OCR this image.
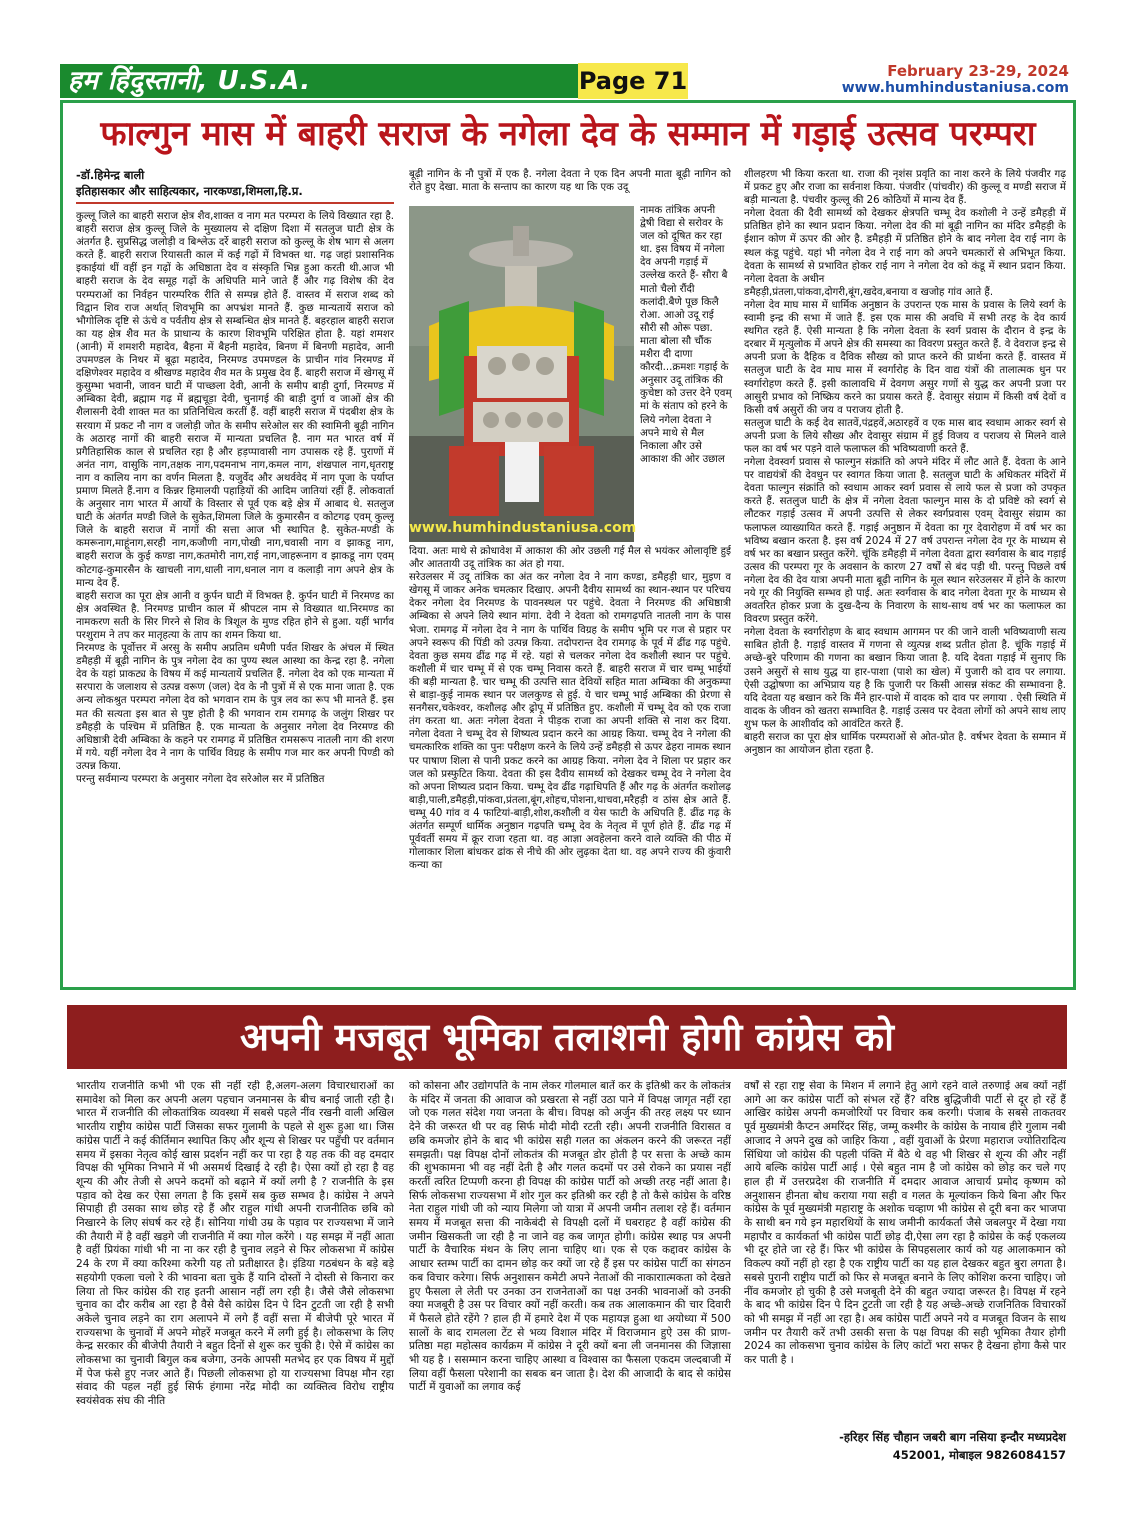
हम हिंदुस्तानी, U.S.A.	Page 71	February 23-29, 2024
www.humhindustaniusa.com
फाल्गुन मास में बाहरी सराज के नगेला देव के सम्मान में गड़ाई उत्सव परम्परा
-डॉ.हिमेन्द्र बाली
इतिहासकार और साहित्यकार, नारकण्डा,शिमला,हि.प्र.
कुल्लू जिले का बाहरी सराज क्षेत्र शैव,शाक्त व नाग मत परम्परा के लिये विख्यात रहा है. बाहरी सराज क्षेत्र कुल्लू जिले के मुख्यालय से दक्षिण दिशा में सतलुज घाटी क्षेत्र के अंतर्गत है. सुप्रसिद्ध जलोड़ी व बिश्लेऊ दर्रे बाहरी सराज को कुल्लू के शेष भाग से अलग करते हैं. बाहरी सराज रियासती काल में कई गढ़ों में विभक्त था. गढ़ जहां प्रशासनिक इकाईयां थीं वहीं इन गढ़ों के अधिष्ठाता देव व संस्कृति भिन्न हुआ करती थी.आज भी बाहरी सराज के देव समूह गढ़ों के अधिपति माने जाते हैं और गढ़ विशेष की देव परम्पराओं का निर्वहन पारम्परिक रीति से सम्पन्न होते हैं. वास्तव में सराज शब्द को विद्वान शिव राज अर्थात् शिवभूमि का अपभ्रंश मानते हैं. कुछ मान्यतायें सराज को भौगोलिक दृष्टि से ऊंचे व पर्वतीय क्षेत्र से सम्बन्धित क्षेत्र मानते हैं. बहरहाल बाहरी सराज का यह क्षेत्र शैव मत के प्राधान्य के कारण शिवभूमि परिक्षित होता है. यहां शमशर (आनी) में शमशरी महादेव, बैहना में बैहनी महादेव, बिनण में बिनणी महादेव, आनी उपमण्डल के निथर में बूढ़ा महादेव, निरमण्ड उपमण्डल के प्राचीन गांव निरमण्ड में दक्षिणेश्वर महादेव व श्रीखण्ड महादेव शैव मत के प्रमुख देव हैं. बाहरी सराज में खेगसू में कुसुम्भा भवानी, जावन घाटी में पाच्छला देवी, आनी के समीप बाड़ी दुर्गा, निरमण्ड में अम्बिका देवी, ब्रह्माम गढ़ में ब्रह्मचूड़ा देवी, चुनागई की बाड़ी दुर्गा व जाओं क्षेत्र की शैलासनी देवी शाक्त मत का प्रतिनिधित्व करतीं हैं. वहीं बाहरी सराज में पंदबीश क्षेत्र के सरयाग में प्रकट नौ नाग व जलोड़ी जोत के समीप सरेओल सर की स्वामिनी बूढ़ी नागिन के अठारह नागों की बाहरी सराज में मान्यता प्रचलित है. नाग मत भारत वर्ष में प्रगैतिहासिक काल से प्रचलित रहा है और हड़प्पावासी नाग उपासक रहे हैं. पुराणों में अनंत नाग, वासुकि नाग,तक्षक नाग,पदमनाभ नाग,कमल नाग, शंखपाल नाग,धृतराष्ट्र नाग व कालिय नाग का वर्णन मिलता है. यजुर्वेद और अथर्ववेद में नाग पूजा के पर्याप्त प्रमाण मिलते हैं.नाग व किन्नर हिमालयी पहाड़ियों की आदिम जातियां रहीं हैं. लोकवार्ता के अनुसार नाग भारत में आर्यों के विस्तार से पूर्व एक बड़े क्षेत्र में आबाद थे. सतलुज घाटी के अंतर्गत मण्डी जिले के सुकेत,शिमला जिले के कुमारसैन व कोटगढ़ एवम् कुल्लू जिले के बाहरी सराज में नागों की सत्ता आज भी स्थापित है. सुकेत-मण्डी के कमरूनाग,माहूंनाग,सरही नाग,कजौणी नाग,पोखी नाग,चवासी नाग व झाकडू नाग, बाहरी सराज के कुई कण्डा नाग,कतमोरी नाग,राई नाग,जाहरूनाग व झाकडू नाग एवम् कोटगढ़-कुमारसैन के खाचली नाग,धाली नाग,धनाल नाग व कलाड़ी नाग अपने क्षेत्र के मान्य देव हैं.
बाहरी सराज का पूरा क्षेत्र आनी व कुर्पन घाटी में विभक्त है. कुर्पन घाटी में निरमण्ड का क्षेत्र अवस्थित है. निरमण्ड प्राचीन काल में श्रीपटल नाम से विख्यात था.निरमण्ड का नामकरण सती के सिर गिरने से शिव के त्रिशूल के मुण्ड रहित होने से हुआ. यहीं भार्गव परशुराम ने तप कर मातृहत्या के ताप का शमन किया था.
निरमण्ड के पूर्वोत्तर में अरसु के समीप अप्रतिम धमैणी पर्वत शिखर के अंचल में स्थित डमैहड़ी में बूढ़ी नागिन के पुत्र नगेला देव का पुण्य स्थल आस्था का केन्द्र रहा है. नगेला देव के यहां प्राकट्य के विषय में कई मान्यतायें प्रचलित हैं. नगेला देव को एक मान्यता में सरपारा के जलाशय से उत्पन्न वरूण (जल) देव के नौ पुत्रों में से एक माना जाता है. एक अन्य लोकश्रुत परम्परा नगेला देव को भगवान राम के पुत्र लव का रूप भी मानते हैं. इस मत की सत्यता इस बात से पुष्ट होती है की भगवान राम रामगढ़ के जलुंग शिखर पर डमैहड़ी के पश्चिम में प्रतिष्ठित है. एक मान्यता के अनुसार नगेला देव निरमण्ड की अधिष्ठात्री देवी अम्बिका के कहने पर रामगढ़ में प्रतिष्ठित रामसरूप नातली नाग की शरण में गये. यहीं नगेला देव ने नाग के पार्थिव विग्रह के समीप गज मार कर अपनी पिण्डी को उत्पन्न किया.
परन्तु सर्वमान्य परम्परा के अनुसार नगेला देव सरेओल सर में प्रतिष्ठित
बूढ़ी नागिन के नौ पुत्रों में एक है. नगेला देवता ने एक दिन अपनी माता बूढ़ी नागिन को रोते हुए देखा. माता के सन्ताप का कारण यह था कि एक उदू
www.humhindustaniusa.com
नामक तांत्रिक अपनी द्वेषी विद्या से सरोवर के जल को दूषित कर रहा था. इस विषय में नगेला देव अपनी गड़ाई में उल्लेख करते हैं- सौरा बै मातो चैलो रौंदी कलांदी.बैणे पूछ किलै रोआ. आओ उदू राई सौरी सौ ओरू पछा. माता बोला सौ चौंक मशैरा दी दाणा कौरदी...क्रमशः गड़ाई के अनुसार उदू तांत्रिक की कुचेष्टा को उत्तर देने एवम् मां के संताप को हरने के लिये नगेला देवता ने अपने माथे से मैल निकाला और उसे आकाश की ओर उछाल
दिया. अतः माथे से क्रोधावेश में आकाश की ओर उछली गई मैल से भयंकर ओलावृष्टि हुई और आततायी उदू तांत्रिक का अंत हो गया.
सरेउलसर में उदू तांत्रिक का अंत कर नगेला देव ने नाग कण्डा, डमैहड़ी धार, मुइण व खेगसू में जाकर अनेक चमत्कार दिखाए. अपनी दैवीय सामर्थ्य का स्थान-स्थान पर परिचय देकर नगेला देव निरमण्ड के पावनस्थल पर पहुंचे. देवता ने निरमण्ड की अधिष्ठात्री अम्बिका से अपने लिये स्थान मांगा. देवी ने देवता को रामगढ़पति नातली नाग के पास भेजा. रामगढ़ में नगेला देव ने नाग के पार्थिव विग्रह के समीप भूमि पर गज से प्रहार पर अपने स्वरूप की पिंडी को उत्पन्न किया. तदोपरान्त देव रामगढ़ के पूर्व में ढींढ गढ़ पहुंचे. देवता कुछ समय ढींढ गढ़ में रहे. यहां से चलकर नगेला देव कशौली स्थान पर पहुंचे. कशौली में चार चम्भू में से एक चम्भू निवास करते हैं. बाहरी सराज में चार चम्भू भाईयों की बड़ी मान्यता है. चार चम्भू की उत्पत्ति सात देवियों सहित माता अम्बिका की अनुकम्पा से बाड़ा-कुई नामक स्थान पर जलकुण्ड से हुई. ये चार चम्भू भाई अम्बिका की प्रेरणा से सनगैसर,चकेश्वर, कशौलढ़ और ढ्रोपू में प्रतिष्ठित हुए. कशौली में चम्भू देव को एक राजा तंग करता था. अतः नगेला देवता ने पीड़क राजा का अपनी शक्ति से नाश कर दिया. नगेला देवता ने चम्भू देव से शिष्यत्व प्रदान करने का आग्रह किया. चम्भू देव ने नगेला की चमत्कारिक शक्ति का पुनः परीक्षण करने के लिये उन्हें डमैहड़ी से ऊपर ढेहरा नामक स्थान पर पाषाण शिला से पानी प्रकट करने का आग्रह किया. नगेला देव ने शिला पर प्रहार कर जल को प्रस्फुटित किया. देवता की इस दैवीय सामर्थ्य को देखकर चम्भू देव ने नगेला देव को अपना शिष्यत्व प्रदान किया. चम्भू देव ढींढ गढ़ाधिपति हैं और गढ़ के अंतर्गत कशोलढ़ बाड़ी,पाली,डमैहड़ी,पांकवा,प्रंतला,बूंग,शोहच,पोशना,थाचवा,मरैहड़ी व ठांस क्षेत्र आते हैं. चम्भू 40 गांव व 4 फाटियां-बाड़ी,शोश,कशौली व येस फाटी के अधिपति हैं. ढींढ गढ़ के अंतर्गत सम्पूर्ण धार्मिक अनुष्ठान गढ़पति चम्भू देव के नेतृत्व में पूर्ण होते हैं. ढींढ गढ़ में पूर्ववर्ती समय में क्रूर राजा रहता था. वह आज्ञा अवहेलना करने वाले व्यक्ति की पीठ में गोलाकार शिला बांधकर ढांक से नीचे की ओर लुढ़का देता था. वह अपने राज्य की कुंवारी कन्या का
शीलहरण भी किया करता था. राजा की नृशंस प्रवृति का नाश करने के लिये पंजवीर गढ़ में प्रकट हुए और राजा का सर्वनाश किया. पंजवीर (पांचवीर) की कुल्लू व मण्डी सराज में बड़ी मान्यता है. पंचवीर कुल्लू की 26 कोठियों में मान्य देव हैं.
नगेला देवता की दैवी सामर्थ्य को देखकर क्षेत्रपति चम्भू देव कशोली ने उन्हें डमैहड़ी में प्रतिष्ठित होने का स्थान प्रदान किया. नगेला देव की मां बूढ़ी नागिन का मंदिर डमैहड़ी के ईशान कोण में ऊपर की ओर है. डमैहड़ी में प्रतिष्ठित होने के बाद नगेला देव राई नाग के स्थल कंडू पहुंचे. यहां भी नगेला देव ने राई नाग को अपने चमत्कारों से अभिभूत किया. देवता के सामर्थ्य से प्रभावित होकर राई नाग ने नगेला देव को कंडू में स्थान प्रदान किया. नगेला देवता के अधीन
डमैहड़ी,प्रंतला,पांकवा,दोगरी,बूंग,खदेव,बनाया व खजोह गांव आते हैं.
नगेला देव माघ मास में धार्मिक अनुष्ठान के उपरान्त एक मास के प्रवास के लिये स्वर्ग के स्वामी इन्द्र की सभा में जाते हैं. इस एक मास की अवधि में सभी तरह के देव कार्य स्थगित रहते हैं. ऐसी मान्यता है कि नगेला देवता के स्वर्ग प्रवास के दौरान वे इन्द्र के दरबार में मृत्युलोक में अपने क्षेत्र की समस्या का विवरण प्रस्तुत करते हैं. वे देवराज इन्द्र से अपनी प्रजा के दैहिक व दैविक सौख्य को प्राप्त करने की प्रार्थना करते हैं. वास्तव में सतलुज घाटी के देव माघ मास में स्वर्गारोह के दिन वाद्य यंत्रों की तालात्मक धुन पर स्वर्गारोहण करते हैं. इसी कालावधि में देवगण असुर गणों से युद्ध कर अपनी प्रजा पर आसुरी प्रभाव को निष्क्रिय करने का प्रयास करते हैं. देवासुर संग्राम में किसी वर्ष देवों व किसी वर्ष असुरों की जय व पराजय होती है.
सतलुज घाटी के कई देव सातवें,पंद्रहवें,अठारहवें व एक मास बाद स्वधाम आकर स्वर्ग से अपनी प्रजा के लिये सौख्य और देवासुर संग्राम में हुई विजय व पराजय से मिलने वाले फल का वर्ष भर पड़ने वाले फलाफल की भविष्यवाणी करते हैं.
नगेला देवस्वर्ग प्रवास से फाल्गुन संक्रांति को अपने मंदिर में लौट आते हैं. देवता के आने पर वाद्ययंत्रों की देवधुन पर स्वागत किया जाता है. सतलुज घाटी के अधिकतर मंदिरों में देवता फाल्गुन संक्रांति को स्वधाम आकर स्वर्ग प्रवास से लाये फल से प्रजा को उपकृत करते हैं. सतलुज घाटी के क्षेत्र में नगेला देवता फाल्गुन मास के दो प्रविष्टे को स्वर्ग से लौटकर गड़ाई उत्सव में अपनी उत्पत्ति से लेकर स्वर्गप्रवास एवम् देवासुर संग्राम का फलाफल व्याख्यायित करते हैं. गड़ाई अनुष्ठान में देवता का गूर देवारोहण में वर्ष भर का भविष्य बखान करता है. इस वर्ष 2024 में 27 वर्ष उपरान्त नगेला देव गूर के माध्यम से वर्ष भर का बखान प्रस्तुत करेंगे. चूंकि डमैहड़ी में नगेला देवता द्वारा स्वर्गवास के बाद गड़ाई उत्सव की परम्परा गूर के अवसान के कारण 27 वर्षों से बंद पड़ी थी. परन्तु पिछले वर्ष नगेला देव की देव यात्रा अपनी माता बूढ़ी नागिन के मूल स्थान सरेउलसर में होने के कारण नये गूर की नियुक्ति सम्भव हो पाई. अतः स्वर्गवास के बाद नगेला देवता गूर के माध्यम से अवतरित होकर प्रजा के दुख-दैन्य के निवारण के साथ-साथ वर्ष भर का फलाफल का विवरण प्रस्तुत करेंगे.
नगेला देवता के स्वर्गारोहण के बाद स्वधाम आगमन पर की जाने वाली भविष्यवाणी सत्य साबित होती है. गड़ाई वास्तव में गणना से व्युत्पन्न शब्द प्रतीत होता है. चूंकि गड़ाई में अच्छे-बुरे परिणाम की गणना का बखान किया जाता है. यदि देवता गड़ाई में सुनाए कि उसने असुरों से साथ युद्ध या हार-पाशा (पाशे का खेल) में पुजारी को दाव पर लगाया. ऐसी उद्घोषणा का अभिप्राय यह है कि पुजारी पर किसी आसन्न संकट की सम्भावना है. यदि देवता यह बखान करे कि मैंने हार-पाशे में वादक को दाव पर लगाया . ऐसी स्थिति में वादक के जीवन को खतरा सम्भावित है. गड़ाई उत्सव पर देवता लोगों को अपने साथ लाए शुभ फल के आशीर्वाद को आवंटित करते हैं.
बाहरी सराज का पूरा क्षेत्र धार्मिक परम्पराओं से ओत-प्रोत है. वर्षभर देवता के सम्मान में अनुष्ठान का आयोजन होता रहता है.
अपनी मजबूत भूमिका तलाशनी होगी कांग्रेस को
भारतीय राजनीति कभी भी एक सी नहीं रही है,अलग-अलग विचारधाराओं का समावेश को मिला कर अपनी अलग पहचान जनमानस के बीच बनाई जाती रही है। भारत में राजनीति की लोकतांत्रिक व्यवस्था में सबसे पहले नींव रखनी वाली अखिल भारतीय राष्ट्रीय कांग्रेस पार्टी जिसका सफर गुलामी के पहले से शुरू हुआ था। जिस कांग्रेस पार्टी ने कई कीर्तिमान स्थापित किए और शून्य से शिखर पर पहुँची पर वर्तमान समय में इसका नेतृत्व कोई खास प्रदर्शन नहीं कर पा रहा है यह तक की वह दमदार विपक्ष की भूमिका निभाने में भी असमर्थ दिखाई दे रही है। ऐसा क्यों हो रहा है वह शून्य की और तेजी से अपने कदमों को बढ़ाने में क्यों लगी है ? राजनीति के इस पड़ाव को देख कर ऐसा लगता है कि इसमें सब कुछ सम्भव है। कांग्रेस ने अपने सिपाही ही उसका साथ छोड़ रहे हैं और राहुल गांधी अपनी राजनीतिक छबि को निखारने के लिए संघर्ष कर रहे हैं। सोनिया गांधी उम्र के पड़ाव पर राज्यसभा में जाने की तैयारी में है वहीं खड़गे जी राजनीति में क्या गोल करेंगे । यह समझ में नहीं आता है वहीं प्रियंका गांधी भी ना ना कर रही है चुनाव लड़ने से फिर लोकसभा में कांग्रेस 24 के रण में क्या करिश्मा करेगी यह तो प्रतीक्षारत है। इंडिया गठबंधन के बड़े बड़े सहयोगी एकला चलो रे की भावना बता चुके हैं यानि दोस्तों ने दोस्ती से किनारा कर लिया तो फिर कांग्रेस की राह इतनी आसान नहीं लग रही है। जैसे जैसे लोकसभा चुनाव का दौर करीब आ रहा है वैसे वैसे कांग्रेस दिन पे दिन टुटती जा रही है सभी अकेले चुनाव लड़ने का राग अलापने में लगे हैं वहीं सत्ता में बीजेपी पूरे भारत में राज्यसभा के चुनावों में अपने मोहरें मजबूत करने में लगी हुई है। लोकसभा के लिए केन्द्र सरकार की बीजेपी तैयारी ने बहुत दिनों से शुरू कर चुकी है। ऐसे में कांग्रेस का लोकसभा का चुनावी बिगुल कब बजेगा, उनके आपसी मतभेद हर एक विषय में मुद्दों में पेज फंसे हुए नजर आते हैं। पिछली लोकसभा हो या राज्यसभा विपक्ष मौन रहा संवाद की पहल नहीं हुई सिर्फ हंगामा नरेंद्र मोदी का व्यक्तित्व विरोध राष्ट्रीय स्वयंसेवक संघ की नीति
को कोसना और उद्योगपति के नाम लेकर गोलमाल बातें कर के इतिश्री कर के लोकतंत्र के मंदिर में जनता की आवाज को प्रखरता से नहीं उठा पाने में विपक्ष जागृत नहीं रहा जो एक गलत संदेश गया जनता के बीच। विपक्ष को अर्जुन की तरह लक्ष्य पर ध्यान देने की जरूरत थी पर वह सिर्फ मोदी मोदी रटती रही। अपनी राजनीति विरासत व छबि कमजोर होने के बाद भी कांग्रेस सही गलत का अंकलन करने की जरूरत नहीं समझती। पक्ष विपक्ष दोनों लोकतंत्र की मजबूत डोर होती है पर सत्ता के अच्छे काम की शुभकामना भी वह नहीं देती है और गलत कदमों पर उसे रोकने का प्रयास नहीं करतीं त्वरित टिप्पणी करना ही विपक्ष की कांग्रेस पार्टी को अच्छी तरह नहीं आता है। सिर्फ लोकसभा राज्यसभा में शोर गुल कर इतिश्री कर रही है तो कैसे कांग्रेस के वरिष्ठ नेता राहुल गांधी जी को न्याय मिलेगा जो यात्रा में अपनी जमीन तलाश रहे हैं। वर्तमान समय में मजबूत सत्ता की नाकेबंदी से विपक्षी दलों में घबराहट है वहीं कांग्रेस की जमीन खिसकती जा रही है ना जाने वह कब जागृत होगी। कांग्रेस स्थाह पत्र अपनी पार्टी के वैचारिक मंथन के लिए लाना चाहिए था। एक से एक कद्दावर कांग्रेस के आधार स्तम्भ पार्टी का दामन छोड़ कर क्यों जा रहे हैं इस पर कांग्रेस पार्टी का संगठन कब विचार करेगा। सिर्फ अनुशासन कमेटी अपने नेताओं की नाकाराात्मकता को देखते हुए फैसला ले लेती पर उनका उन राजनेताओं का पक्ष उनकी भावनाओं को उनकी क्या मजबूरी है उस पर विचार क्यों नहीं करती। कब तक आलाकमान की चार दिवारी में फैसले होते रहेंगे ? हाल ही में हमारे देश में एक महायज्ञ हुआ था अयोध्या में 500 सालों के बाद रामलला टेंट से भव्य विशाल मंदिर में विराजमान हुऐ उस की प्राण-प्रतिष्ठा महा महोत्सव कार्यक्रम में कांग्रेस ने दूरी क्यों बना ली जनमानस की जिज्ञासा भी यह है । ससम्मान करना चाहिए आस्था व विश्वास का फैसला एकदम जल्दबाजी में लिया वहीं फैसला परेशानी का सबक बन जाता है। देश की आजादी के बाद से कांग्रेस पार्टी में युवाओं का लगाव कई
वर्षों से रहा राष्ट्र सेवा के मिशन में लगाने हेतु आगे रहने वाले तरुणाई अब क्यों नहीं आगे आ कर कांग्रेस पार्टी को संभल रहें हैं? वरिष्ठ बुद्धिजीवी पार्टी से दूर हो रहें हैं आखिर कांग्रेस अपनी कमजोरियों पर विचार कब करगी। पंजाब के सबसे ताकतवर पूर्व मुख्यमंत्री कैप्टन अमरिंदर सिंह, जम्मू कश्मीर के कांग्रेस के नायाब हीरे गुलाम नबी आजाद ने अपने दुख को जाहिर किया , वहीं युवाओं के प्रेरणा महाराज ज्योतिरादित्य सिंधिया जो कांग्रेस की पहली पंक्ति में बैठे थे वह भी शिखर से शून्य की और नहीं आये बल्कि कांग्रेस पार्टी आई । ऐसे बहुत नाम है जो कांग्रेस को छोड़ कर चले गए हाल ही में उत्तरप्रदेश की राजनीति में दमदार आवाज आचार्य प्रमोद कृष्णम को अनुशासन हीनता बोध कराया गया सही व गलत के मूल्यांकन किये बिना और फिर कांग्रेस के पूर्व मुख्यमंत्री महाराष्ट्र के अशोक चव्हाण भी कांग्रेस से दूरी बना कर भाजपा के साथी बन गये इन महारथियों के साथ जमीनी कार्यकर्ता जैसे जबलपुर में देखा गया महापौर व कार्यकर्ता भी कांग्रेस पार्टी छोड़ दी,ऐसा लग रहा है कांग्रेस के कई एकलव्य भी दूर होते जा रहे हैं। फिर भी कांग्रेस के सिपहसलार कार्य को यह आलाकमान को विकल्प क्यों नहीं हो रहा है एक राष्ट्रीय पार्टी का यह हाल देखकर बहुत बुरा लगता है। सबसे पुरानी राष्ट्रीय पार्टी को फिर से मजबूत बनाने के लिए कोशिश करना चाहिए। जो नींव कमजोर हो चुकी है उसे मजबूती देने की बहुत ज्यादा जरूरत है। विपक्ष में रहने के बाद भी कांग्रेस दिन पे दिन टुटती जा रही है यह अच्छे-अच्छे राजनितिक विचारकों को भी समझ में नहीं आ रहा है। अब कांग्रेस पार्टी अपने नये व मजबूत विजन के साथ जमीन पर तैयारी करें तभी उसकी सत्ता के पक्ष विपक्ष की सही भूमिका तैयार होगी 2024 का लोकसभा चुनाव कांग्रेस के लिए कांटों भरा सफर है देखना होगा कैसे पार कर पाती है ।
-हरिहर सिंह चौहान जबरी बाग नसिया इन्दौर मध्यप्रदेश
452001, मोबाइल 9826084157
